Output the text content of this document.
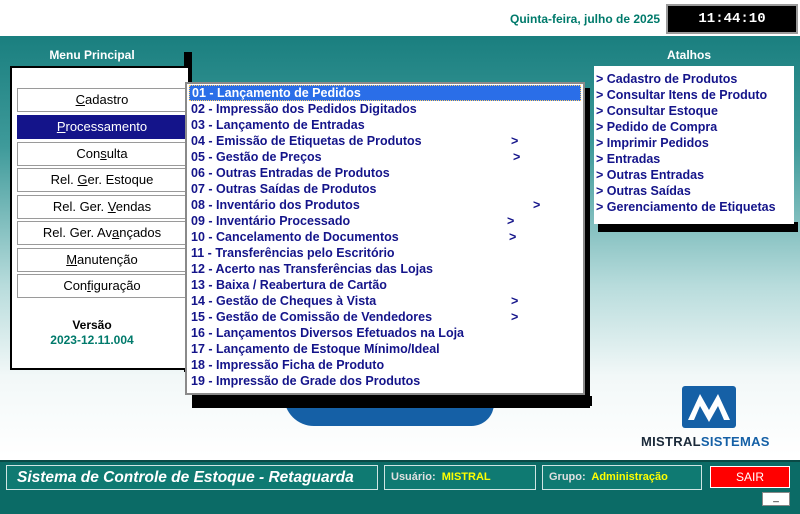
Quinta-feira, julho de 2025	11:44:10
Menu Principal
Cadastro
Processamento
Consulta
Rel. Ger. Estoque
Rel. Ger. Vendas
Rel. Ger. Avançados
Manutenção
Configuração
Versão
2023-12.11.004
01 - Lançamento de Pedidos
02 - Impressão dos Pedidos Digitados
03 - Lançamento de Entradas
04 - Emissão de Etiquetas de Produtos	>
05 - Gestão de Preços	>
06 - Outras Entradas de Produtos
07 - Outras Saídas de Produtos
08 - Inventário dos Produtos	>
09 - Inventário Processado	>
10 - Cancelamento de Documentos	>
11 - Transferências pelo Escritório
12 - Acerto nas Transferências das Lojas
13 - Baixa / Reabertura de Cartão
14 - Gestão de Cheques à Vista	>
15 - Gestão de Comissão de Vendedores	>
16 - Lançamentos Diversos Efetuados na Loja
17 - Lançamento de Estoque Mínimo/Ideal
18 - Impressão Ficha de Produto
19 - Impressão de Grade dos Produtos
Atalhos
> Cadastro de Produtos
> Consultar Itens de Produto
> Consultar Estoque
> Pedido de Compra
> Imprimir Pedidos
> Entradas
> Outras Entradas
> Outras Saídas
> Gerenciamento de Etiquetas
MISTRALSISTEMAS
Sistema de Controle de Estoque - Retaguarda	Usuário: MISTRAL	Grupo: Administração	SAIR
_
